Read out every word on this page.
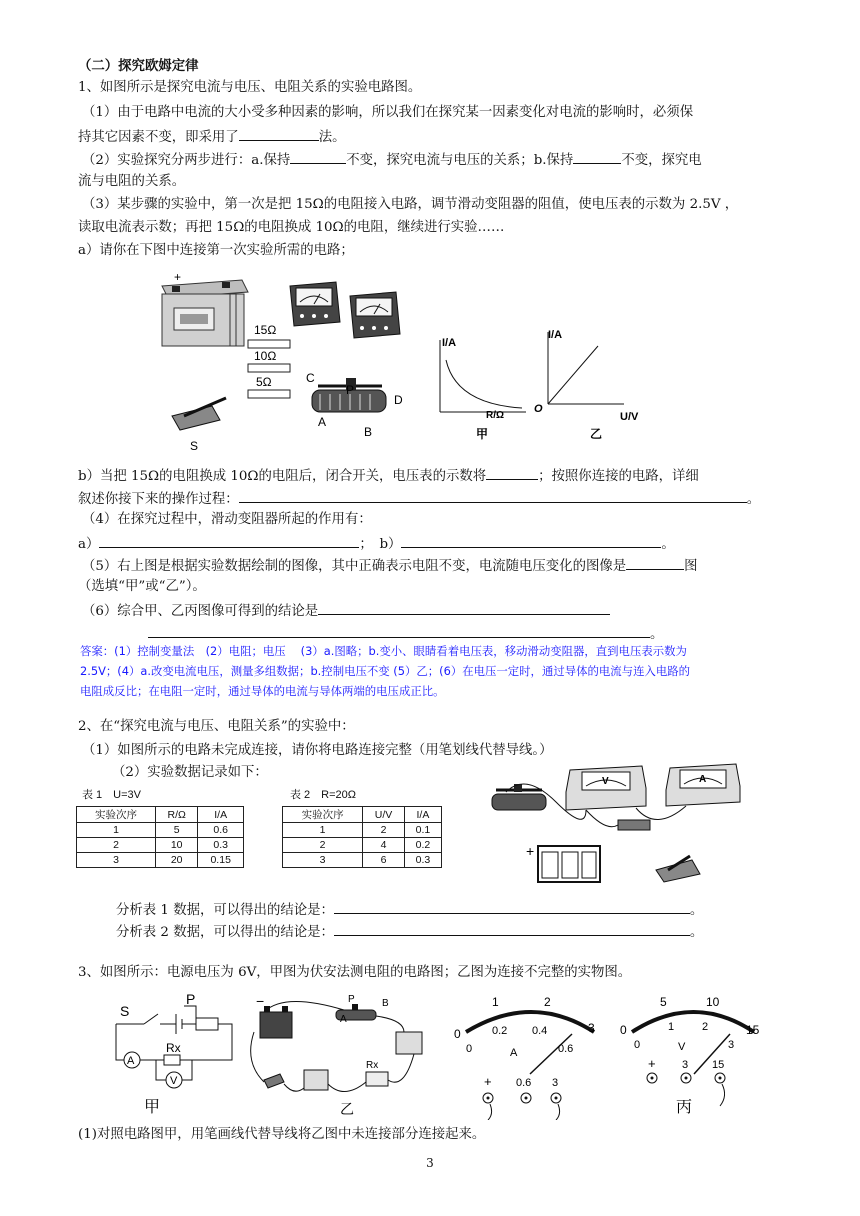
（二）探究欧姆定律
1、如图所示是探究电流与电压、电阻关系的实验电路图。
（1）由于电路中电流的大小受多种因素的影响，所以我们在探究某一因素变化对电流的影响时，必须保
持其它因素不变，即采用了	法。
（2）实验探究分两步进行：a.保持	不变，探究电流与电压的关系；b.保持	不变，探究电
流与电阻的关系。
（3）某步骤的实验中，第一次是把 15Ω的电阻接入电路，调节滑动变阻器的阻值，使电压表的示数为 2.5V ，
读取电流表示数；再把 15Ω的电阻换成 10Ω的电阻，继续进行实验……
a）请你在下图中连接第一次实验所需的电路；
+
15Ω
10Ω
5Ω	C
P
D
A
B
S
I/A
R/Ω
甲
I/A
O
U/V
乙
b）当把 15Ω的电阻换成 10Ω的电阻后，闭合开关，电压表的示数将	；按照你连接的电路，详细
叙述你接下来的操作过程：	。
（4）在探究过程中，滑动变阻器所起的作用有：
a）	；　b）	。
（5）右上图是根据实验数据绘制的图像，其中正确表示电阻不变，电流随电压变化的图像是	图
（选填“甲”或“乙”）。
（6）综合甲、乙丙图像可得到的结论是
。
答案：(1）控制变量法　(2）电阻；电压　 (3）a.图略；b.变小、眼睛看着电压表，移动滑动变阻器，直到电压表示数为
2.5V；(4）a.改变电流电压，测量多组数据；b.控制电压不变 (5）乙；(6）在电压一定时，通过导体的电流与连入电路的
电阻成反比；在电阻一定时，通过导体的电流与导体两端的电压成正比。
2、在“探究电流与电压、电阻关系”的实验中：
（1）如图所示的电路未完成连接，请你将电路连接完整（用笔划线代替导线。）
（2）实验数据记录如下：
表 1　U=3V
实验次序	R/Ω	I/A
1	5	0.6
2	10	0.3
3	20	0.15
表 2　R=20Ω
实验次序	U/V	I/A
1	2	0.1
2	4	0.2
3	6	0.3
V	A
+
分析表 1 数据，可以得出的结论是：	。
分析表 2 数据，可以得出的结论是：	。
3、如图所示：电源电压为 6V，甲图为伏安法测电阻的电路图；乙图为连接不完整的实物图。
S
P
Rx
A
V
甲
−	P	B
A
Rx
乙
1	2
0	0.2 0.4	3
0	0.6
A
+ 0.6 3
5	10
0	1	2	15
0	3
V
+ 3 15
丙
(1)对照电路图甲，用笔画线代替导线将乙图中未连接部分连接起来。
3
